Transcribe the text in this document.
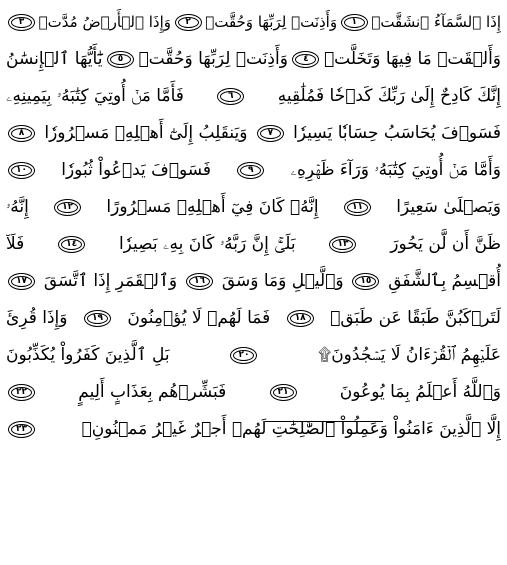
إِذَا ٱلسَّمَآءُ ٱنشَقَّتۡ
١
وَأَذِنَتۡ لِرَبِّهَا وَحُقَّتۡ
٢
وَإِذَا ٱلۡأَرۡضُ مُدَّتۡ
٣
وَأَلۡقَتۡ مَا فِيهَا وَتَخَلَّتۡ
٤
وَأَذِنَتۡ لِرَبِّهَا وَحُقَّتۡ
٥
يَٰٓأَيُّهَا ٱلۡإِنسَٰنُ
إِنَّكَ كَادِحٌ إِلَىٰ رَبِّكَ كَدۡحٗا فَمُلَٰقِيهِ
٦
فَأَمَّا مَنۡ أُوتِيَ كِتَٰبَهُۥ بِيَمِينِهِۦ
فَسَوۡفَ يُحَاسَبُ حِسَابٗا يَسِيرٗا
٧
وَيَنقَلِبُ إِلَىٰٓ أَهۡلِهِۦ مَسۡرُورٗا
٨
وَأَمَّا مَنۡ أُوتِيَ كِتَٰبَهُۥ وَرَآءَ ظَهۡرِهِۦ
٩
فَسَوۡفَ يَدۡعُواْ ثُبُورٗا
١٠
وَيَصۡلَىٰ سَعِيرًا
١١
إِنَّهُۥ كَانَ فِيٓ أَهۡلِهِۦ مَسۡرُورًا
١٢
إِنَّهُۥ
ظَنَّ أَن لَّن يَحُورَ
١٣
بَلَىٰٓۚ إِنَّ رَبَّهُۥ كَانَ بِهِۦ بَصِيرٗا
١٤
فَلَآ
أُقۡسِمُ بِٱلشَّفَقِ
١٥
وَٱلَّيۡلِ وَمَا وَسَقَ
١٦
وَٱلۡقَمَرِ إِذَا ٱتَّسَقَ
١٧
لَتَرۡكَبُنَّ طَبَقًا عَن طَبَقٖ
١٨
فَمَا لَهُمۡ لَا يُؤۡمِنُونَ
١٩
وَإِذَا قُرِئَ
عَلَيۡهِمُ ٱلۡقُرۡءَانُ لَا يَسۡجُدُونَ۩
٢٠
بَلِ ٱلَّذِينَ كَفَرُواْ يُكَذِّبُونَ
وَٱللَّهُ أَعۡلَمُ بِمَا يُوعُونَ
٢١
فَبَشِّرۡهُم بِعَذَابٍ أَلِيمٍ
٢٢
إِلَّا ٱلَّذِينَ ءَامَنُواْ وَعَمِلُواْ ٱلصَّٰلِحَٰتِ لَهُمۡ أَجۡرٌ غَيۡرُ مَمۡنُونِۭ
٢٣
